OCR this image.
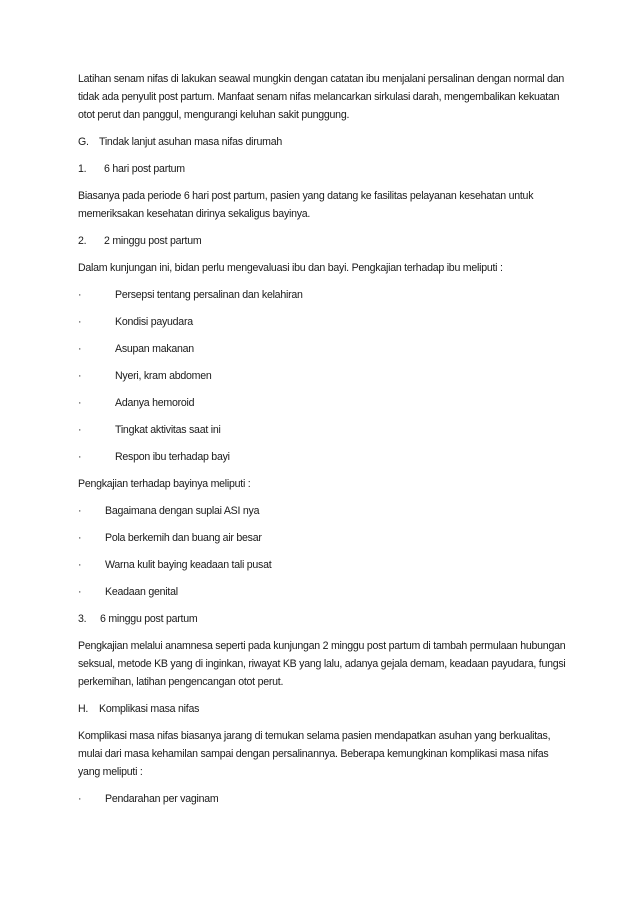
Latihan senam nifas di lakukan seawal mungkin dengan catatan ibu menjalani persalinan dengan normal dan tidak ada penyulit post partum. Manfaat senam nifas melancarkan sirkulasi darah, mengembalikan kekuatan otot perut dan panggul, mengurangi keluhan sakit punggung.

G. Tindak lanjut asuhan masa nifas dirumah
1.	6 hari post partum

Biasanya pada periode 6 hari post partum, pasien yang datang ke fasilitas pelayanan kesehatan untuk memeriksakan kesehatan dirinya sekaligus bayinya.

2.	2 minggu post partum

Dalam kunjungan ini, bidan perlu mengevaluasi ibu dan bayi. Pengkajian terhadap ibu meliputi :

·	Persepsi tentang persalinan dan kelahiran
·	Kondisi payudara
·	Asupan makanan
·	Nyeri, kram abdomen
·	Adanya hemoroid
·	Tingkat aktivitas saat ini
·	Respon ibu terhadap bayi
Pengkajian terhadap bayinya meliputi :
·	Bagaimana dengan suplai ASI nya
·	Pola berkemih dan buang air besar
·	Warna kulit baying keadaan tali pusat
·	Keadaan genital
3.	6 minggu post partum

Pengkajian melalui anamnesa seperti pada kunjungan 2 minggu post partum di tambah permulaan hubungan seksual, metode KB yang di inginkan, riwayat KB yang lalu, adanya gejala demam, keadaan payudara, fungsi perkemihan, latihan pengencangan otot perut.

H.	Komplikasi masa nifas

Komplikasi masa nifas biasanya jarang di temukan selama pasien mendapatkan asuhan yang berkualitas, mulai dari masa kehamilan sampai dengan persalinannya. Beberapa kemungkinan komplikasi masa nifas yang meliputi :

·	Pendarahan per vaginam
